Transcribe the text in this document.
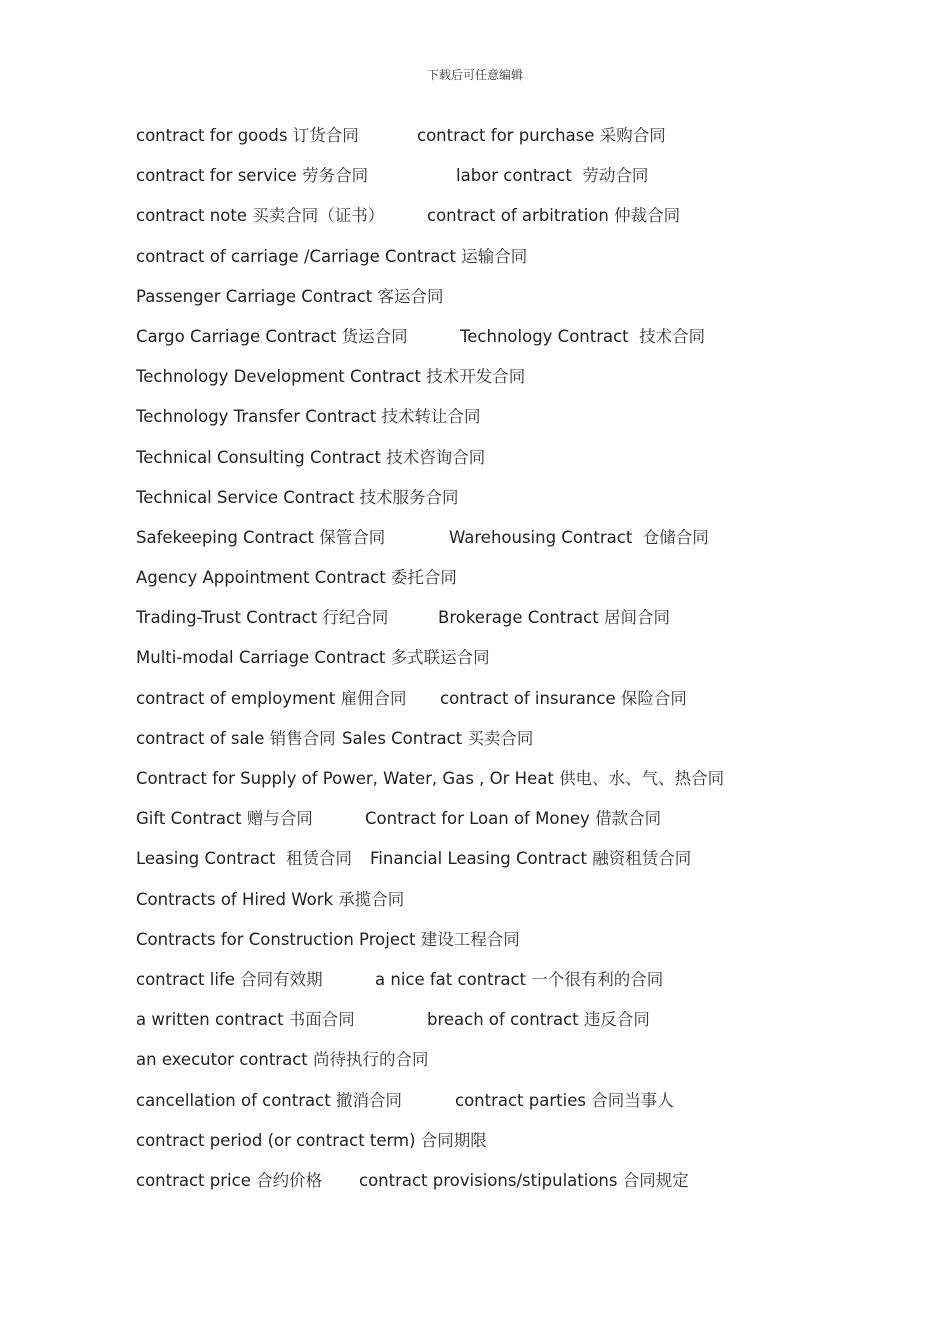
下载后可任意编辑
contract for goods 订货合同	contract for purchase 采购合同
contract for service 劳务合同	labor contract 劳动合同
contract note 买卖合同（证书）	contract of arbitration 仲裁合同
contract of carriage /Carriage Contract 运输合同
Passenger Carriage Contract 客运合同
Cargo Carriage Contract 货运合同	Technology Contract 技术合同
Technology Development Contract 技术开发合同
Technology Transfer Contract 技术转让合同
Technical Consulting Contract 技术咨询合同
Technical Service Contract 技术服务合同
Safekeeping Contract 保管合同	Warehousing Contract 仓储合同
Agency Appointment Contract 委托合同
Trading-Trust Contract 行纪合同	Brokerage Contract 居间合同
Multi-modal Carriage Contract 多式联运合同
contract of employment 雇佣合同 contract of insurance 保险合同
contract of sale 销售合同 Sales Contract 买卖合同
Contract for Supply of Power, Water, Gas , Or Heat 供电、水、气、热合同
Gift Contract 赠与合同	Contract for Loan of Money 借款合同
Leasing Contract 租赁合同 Financial Leasing Contract 融资租赁合同
Contracts of Hired Work 承揽合同
Contracts for Construction Project 建设工程合同
contract life 合同有效期	a nice fat contract 一个很有利的合同
a written contract 书面合同	breach of contract 违反合同
an executor contract 尚待执行的合同
cancellation of contract 撤消合同	contract parties 合同当事人
contract period (or contract term) 合同期限
contract price 合约价格 contract provisions/stipulations 合同规定
